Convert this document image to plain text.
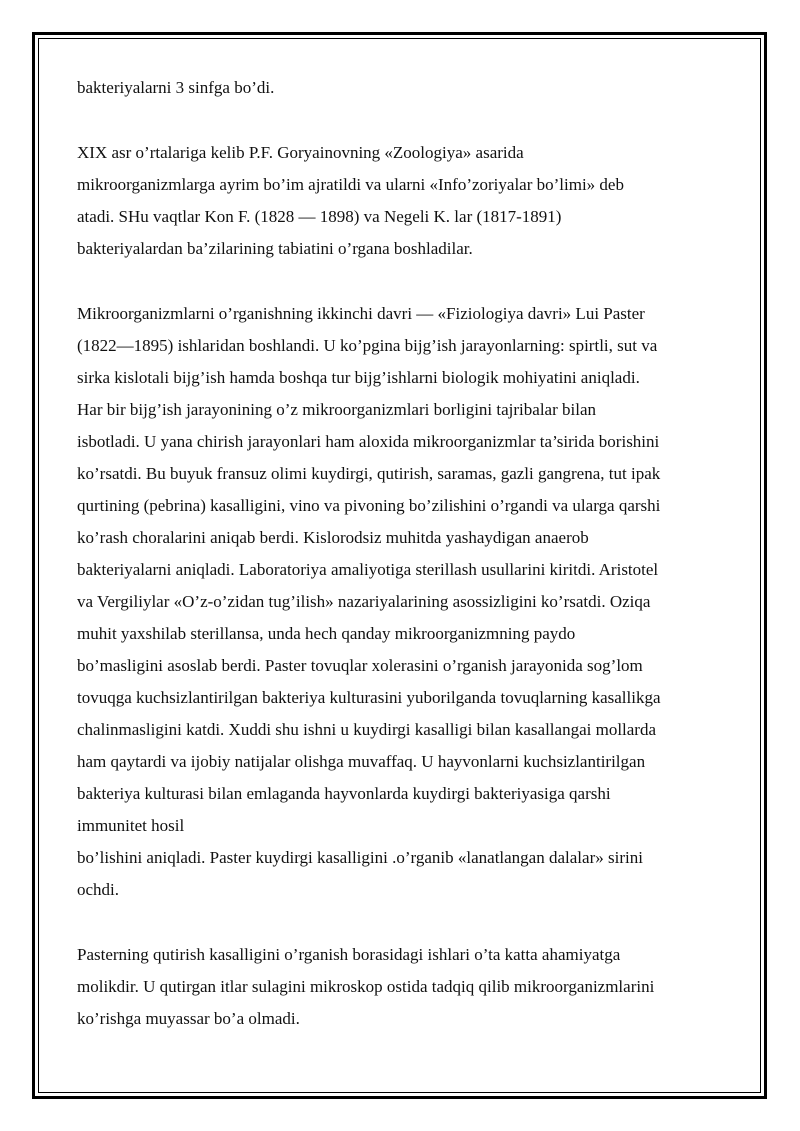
bakteriyalarni 3 sinfga bo’di.
XIX asr o’rtalariga kelib P.F. Goryainovning «Zoologiya» asarida
mikroorganizmlarga ayrim bo’im ajratildi va ularni «Info’zoriyalar bo’limi» deb
atadi. SHu vaqtlar Kon F. (1828 — 1898) va Negeli K. lar (1817-1891)
bakteriyalardan ba’zilarining tabiatini o’rgana boshladilar.
Mikroorganizmlarni o’rganishning ikkinchi davri — «Fiziologiya davri» Lui Paster
(1822—1895) ishlaridan boshlandi. U ko’pgina bijg’ish jarayonlarning: spirtli, sut va
sirka kislotali bijg’ish hamda boshqa tur bijg’ishlarni biologik mohiyatini aniqladi.
Har bir bijg’ish jarayonining o’z mikroorganizmlari borligini tajribalar bilan
isbotladi. U yana chirish jarayonlari ham aloxida mikroorganizmlar ta’sirida borishini
ko’rsatdi. Bu buyuk fransuz olimi kuydirgi, qutirish, saramas, gazli gangrena, tut ipak
qurtining (pebrina) kasalligini, vino va pivoning bo’zilishini o’rgandi va ularga qarshi
ko’rash choralarini aniqab berdi. Kislorodsiz muhitda yashaydigan anaerob
bakteriyalarni aniqladi. Laboratoriya amaliyotiga sterillash usullarini kiritdi. Aristotel
va Vergiliylar «O’z-o’zidan tug’ilish» nazariyalarining asossizligini ko’rsatdi. Oziqa
muhit yaxshilab sterillansa, unda hech qanday mikroorganizmning paydo
bo’masligini asoslab berdi. Paster tovuqlar xolerasini o’rganish jarayonida sog’lom
tovuqga kuchsizlantirilgan bakteriya kulturasini yuborilganda tovuqlarning kasallikga
chalinmasligini katdi. Xuddi shu ishni u kuydirgi kasalligi bilan kasallangai mollarda
ham qaytardi va ijobiy natijalar olishga muvaffaq. U hayvonlarni kuchsizlantirilgan
bakteriya kulturasi bilan emlaganda hayvonlarda kuydirgi bakteriyasiga qarshi
immunitet hosil
bo’lishini aniqladi. Paster kuydirgi kasalligini .o’rganib «lanatlangan dalalar» sirini
ochdi.
Pasterning qutirish kasalligini o’rganish borasidagi ishlari o’ta katta ahamiyatga
molikdir. U qutirgan itlar sulagini mikroskop ostida tadqiq qilib mikroorganizmlarini
ko’rishga muyassar bo’a olmadi.
